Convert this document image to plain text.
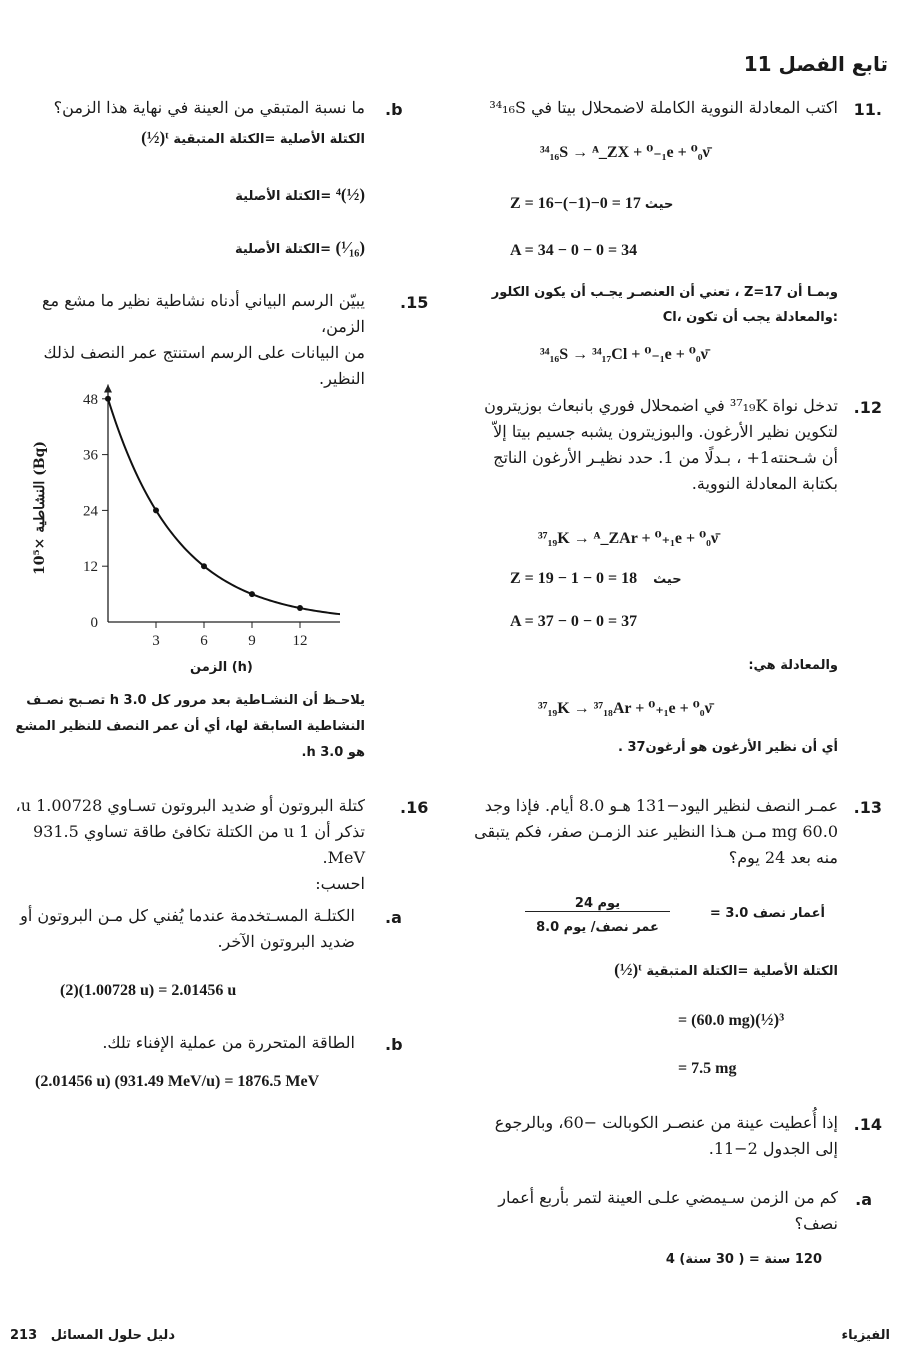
تابع الفصل 11
11.
اكتب المعادلة النووية الكاملة لاضمحلال بيتا في ³⁴₁₆S
³⁴₁₆S → ᴬ_ZX + ⁰₋₁e + ⁰₀ν̄
Z = 16−(−1)−0 = 17 حيث
A = 34 − 0 − 0 = 34
وبمـا أن Z=17 ، تعني أن العنصـر يجـب أن يكون الكلور
Cl، والمعادلة يجب أن تكون:
³⁴₁₆S → ³⁴₁₇Cl + ⁰₋₁e + ⁰₀ν̄
.12
تدخل نواة ³⁷₁₉K في اضمحلال فوري بانبعاث بوزيترون
لتكوين نظير الأرغون. والبوزيترون يشبه جسيم بيتا إلاّ
أن شـحنته1+ ، بـدلًا من 1. حدد نظيـر الأرغون الناتج
بكتابة المعادلة النووية.
³⁷₁₉K → ᴬ_ZAr + ⁰₊₁e + ⁰₀ν̄
Z = 19 − 1 − 0 = 18 حيث
A = 37 − 0 − 0 = 37
والمعادلة هي:
³⁷₁₉K → ³⁷₁₈Ar + ⁰₊₁e + ⁰₀ν̄
أي أن نظير الأرغون هو أرغون37 .
.13
عمـر النصف لنظير اليود−131 هـو 8.0 أيام. فإذا وجد
60.0 mg مـن هـذا النظير عند الزمـن صفر، فكم يتبقى
منه بعد 24 يوم؟
أعمار نصف 3.0 =
يوم 24
عمر نصف/ يوم 8.0
(½)ᵗ الكتلة الأصلية =الكتلة المتبقية
= (60.0 mg)(½)³
= 7.5 mg
.14
إذا أُعطيت عينة من عنصـر الكوبالت −60، وبالرجوع
إلى الجدول 2−11.
.a
كم من الزمن سـيمضي علـى العينة لتمر بأربع أعمار
نصف؟
120 سنة = ( 30 سنة) 4
.b
ما نسبة المتبقي من العينة في نهاية هذا الزمن؟
(½)ᵗ الكتلة الأصلية =الكتلة المتبقية
(½)⁴ =الكتلة الأصلية
(¹⁄₁₆) =الكتلة الأصلية
.15
يبيّن الرسم البياني أدناه نشاطية نظير ما مشع مع الزمن،
من البيانات على الرسم استنتج عمر النصف لذلك النظير.
3	6	9 12
0
12
24
36
48
الزمن (h)
النشاطية ×10⁵ (Bq)
يلاحـظ أن النشـاطية بعد مرور كل 3.0 h تصـبح نصـف
النشاطية السابقة لها، أي أن عمر النصف للنظير المشع
هو 3.0 h.
.16
كتلة البروتون أو ضديد البروتون تسـاوي 1.00728 u،
تذكر أن 1 u من الكتلة تكافئ طاقة تساوي 931.5 MeV.
احسب:
.a
الكتلـة المسـتخدمة عندما يُفني كل مـن البروتون أو
ضديد البروتون الآخر.
(2)(1.00728 u) = 2.01456 u
.b
الطاقة المتحررة من عملية الإفناء تلك.
(2.01456 u) (931.49 MeV/u) = 1876.5 MeV
الفيزياء
213 دليل حلول المسائل
